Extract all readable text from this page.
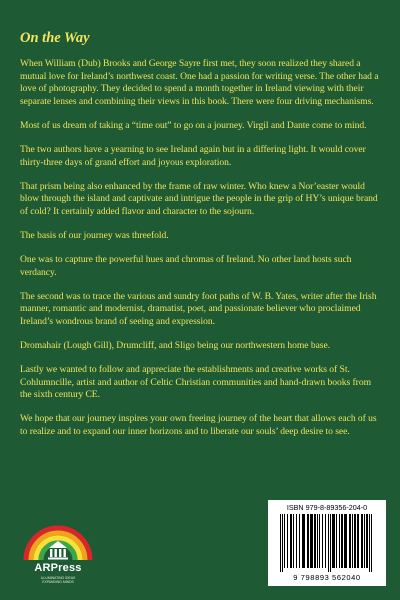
On the Way

When William (Dub) Brooks and George Sayre first met, they soon realized they shared a mutual love for Ireland’s northwest coast. One had a passion for writing verse. The other had a love of photography. They decided to spend a month together in Ireland viewing with their separate lenses and combining their views in this book. There were four driving mechanisms.

Most of us dream of taking a “time out” to go on a journey. Virgil and Dante come to mind.

The two authors have a yearning to see Ireland again but in a differing light. It would cover thirty-three days of grand effort and joyous exploration.

That prism being also enhanced by the frame of raw winter. Who knew a Nor’easter would blow through the island and captivate and intrigue the people in the grip of HY’s unique brand of cold? It certainly added flavor and character to the sojourn.

The basis of our journey was threefold.

One was to capture the powerful hues and chromas of Ireland. No other land hosts such verdancy.

The second was to trace the various and sundry foot paths of W. B. Yates, writer after the Irish manner, romantic and modernist, dramatist, poet, and passionate believer who proclaimed Ireland’s wondrous brand of seeing and expression.

Dromahair (Lough Gill), Drumcliff, and Sligo being our northwestern home base.

Lastly we wanted to follow and appreciate the establishments and creative works of St. Cohlumncille, artist and author of Celtic Christian communities and hand-drawn books from the sixth century CE.

We hope that our journey inspires your own freeing journey of the heart that allows each of us to realize and to expand our inner horizons and to liberate our souls’ deep desire to see.

ARPress
ILLUMINATING IDEAS
EXPANDING MINDS
ISBN 979-8-89356-204-0
9 798893 562040
